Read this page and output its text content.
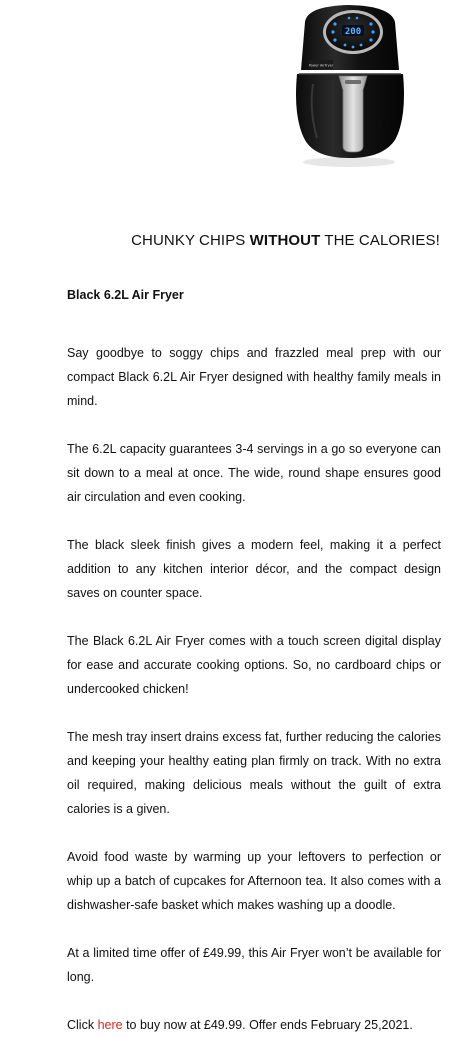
200
Power AirFryer
CHUNKY CHIPS WITHOUT THE CALORIES!

Black 6.2L Air Fryer

Say goodbye to soggy chips and frazzled meal prep with our compact Black 6.2L Air Fryer designed with healthy family meals in mind.

The 6.2L capacity guarantees 3-4 servings in a go so everyone can sit down to a meal at once. The wide, round shape ensures good air circulation and even cooking.

The black sleek finish gives a modern feel, making it a perfect addition to any kitchen interior décor, and the compact design saves on counter space.

The Black 6.2L Air Fryer comes with a touch screen digital display for ease and accurate cooking options. So, no cardboard chips or undercooked chicken!

The mesh tray insert drains excess fat, further reducing the calories and keeping your healthy eating plan firmly on track. With no extra oil required, making delicious meals without the guilt of extra calories is a given.

Avoid food waste by warming up your leftovers to perfection or whip up a batch of cupcakes for Afternoon tea. It also comes with a dishwasher-safe basket which makes washing up a doodle.

At a limited time offer of £49.99, this Air Fryer won’t be available for long.

Click here to buy now at £49.99. Offer ends February 25,2021.
